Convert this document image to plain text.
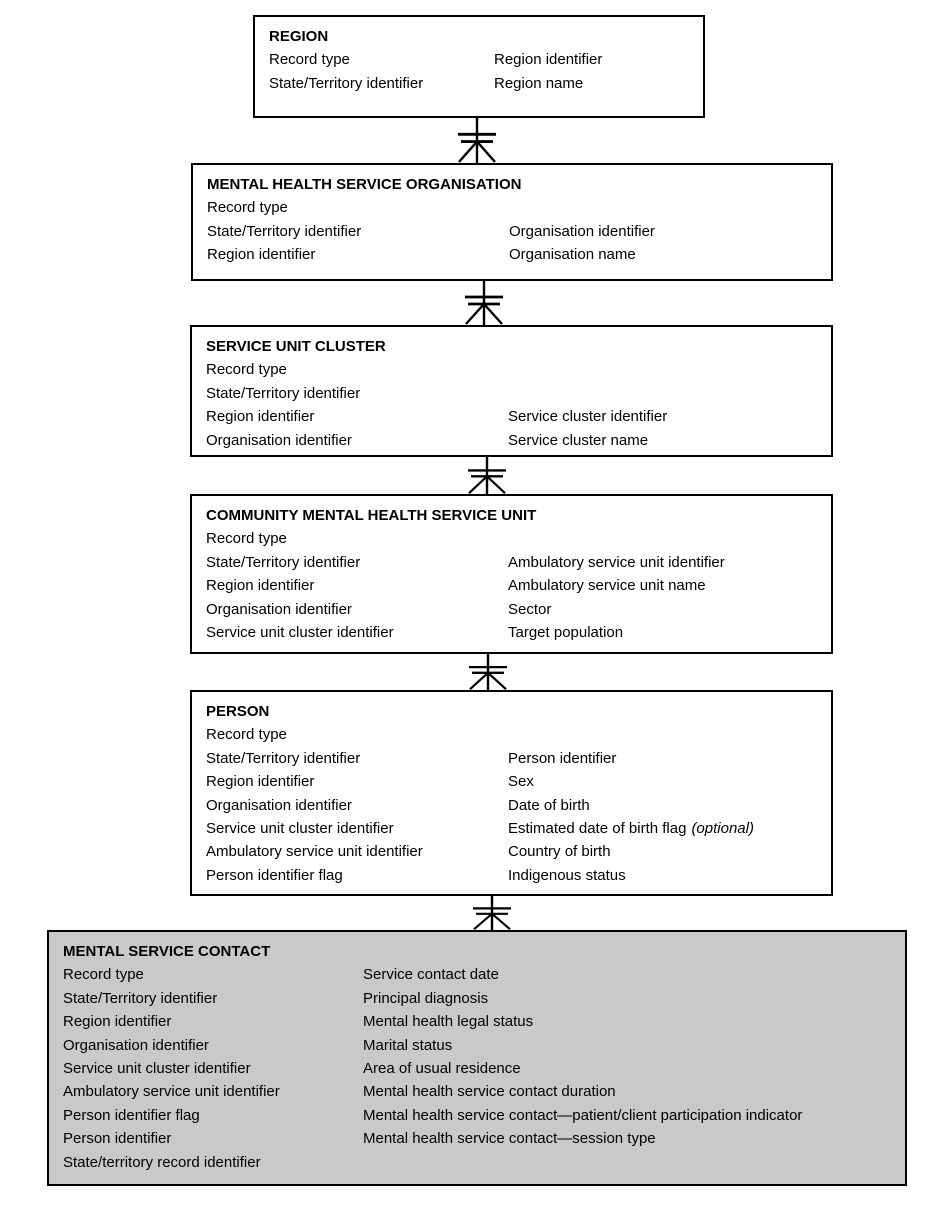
REGION
Record type	Region identifier
State/Territory identifier	Region name
MENTAL HEALTH SERVICE ORGANISATION
Record type
State/Territory identifier	Organisation identifier
Region identifier	Organisation name
SERVICE UNIT CLUSTER
Record type
State/Territory identifier
Region identifier	Service cluster identifier
Organisation identifier	Service cluster name
COMMUNITY MENTAL HEALTH SERVICE UNIT
Record type
State/Territory identifier	Ambulatory service unit identifier
Region identifier	Ambulatory service unit name
Organisation identifier	Sector
Service unit cluster identifier	Target population
PERSON
Record type
State/Territory identifier	Person identifier
Region identifier	Sex
Organisation identifier	Date of birth
Service unit cluster identifier	Estimated date of birth flag (optional)
Ambulatory service unit identifier	Country of birth
Person identifier flag	Indigenous status
MENTAL SERVICE CONTACT
Record type	Service contact date
State/Territory identifier	Principal diagnosis
Region identifier	Mental health legal status
Organisation identifier	Marital status
Service unit cluster identifier	Area of usual residence
Ambulatory service unit identifier	Mental health service contact duration
Person identifier flag	Mental health service contact—patient/client participation indicator
Person identifier	Mental health service contact—session type
State/territory record identifier
